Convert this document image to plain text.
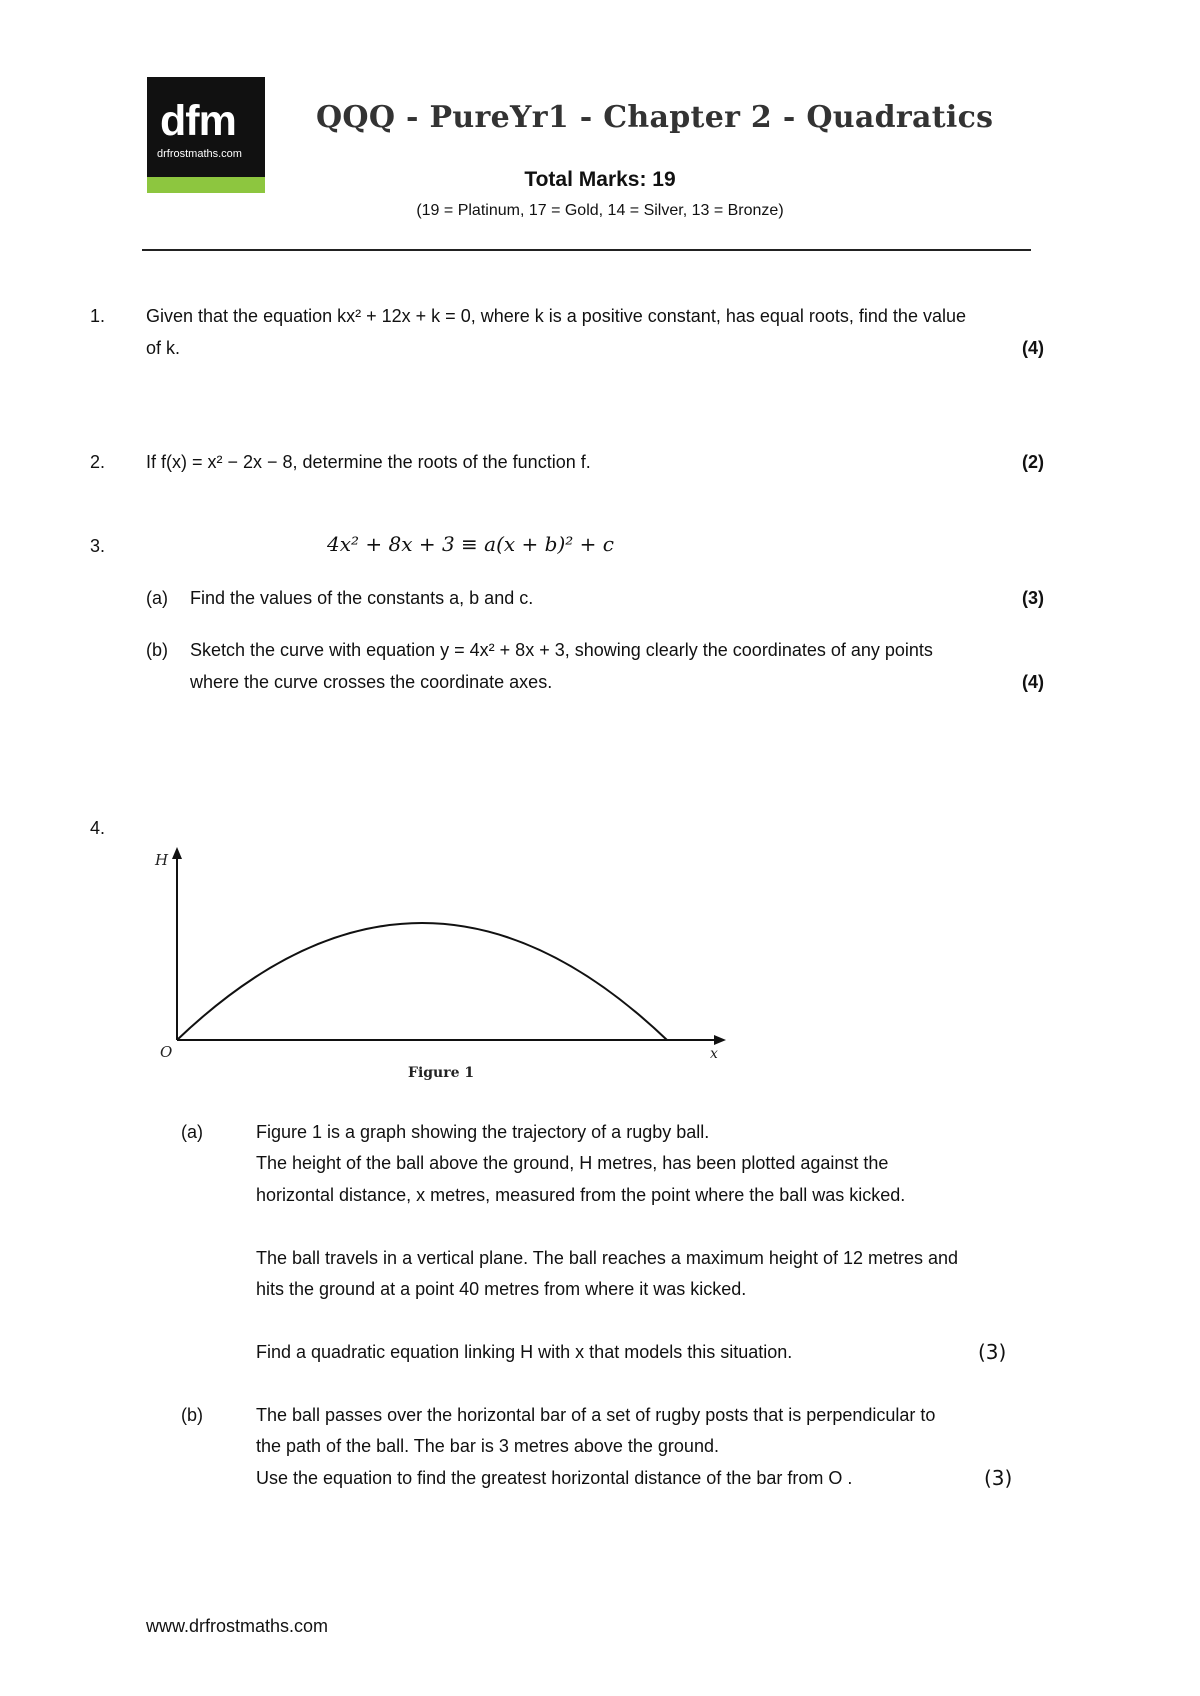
dfm
drfrostmaths.com
QQQ - PureYr1 - Chapter 2 - Quadratics
Total Marks: 19
(19 = Platinum, 17 = Gold, 14 = Silver, 13 = Bronze)
1. Given that the equation kx² + 12x + k = 0, where k is a positive constant, has equal roots, find the value
of k.	(4)
2. If f(x) = x² − 2x − 8, determine the roots of the function f.	(2)
3.	4x² + 8x + 3 ≡ a(x + b)² + c
(a) Find the values of the constants a, b and c.	(3)
(b) Sketch the curve with equation y = 4x² + 8x + 3, showing clearly the coordinates of any points
where the curve crosses the coordinate axes.	(4)
4.
H
O	x
Figure 1
(a)	Figure 1 is a graph showing the trajectory of a rugby ball.
The height of the ball above the ground, H metres, has been plotted against the
horizontal distance, x metres, measured from the point where the ball was kicked.
The ball travels in a vertical plane. The ball reaches a maximum height of 12 metres and
hits the ground at a point 40 metres from where it was kicked.
Find a quadratic equation linking H with x that models this situation.	(3)
(b)	The ball passes over the horizontal bar of a set of rugby posts that is perpendicular to
the path of the ball. The bar is 3 metres above the ground.
Use the equation to find the greatest horizontal distance of the bar from O .	(3)
www.drfrostmaths.com
